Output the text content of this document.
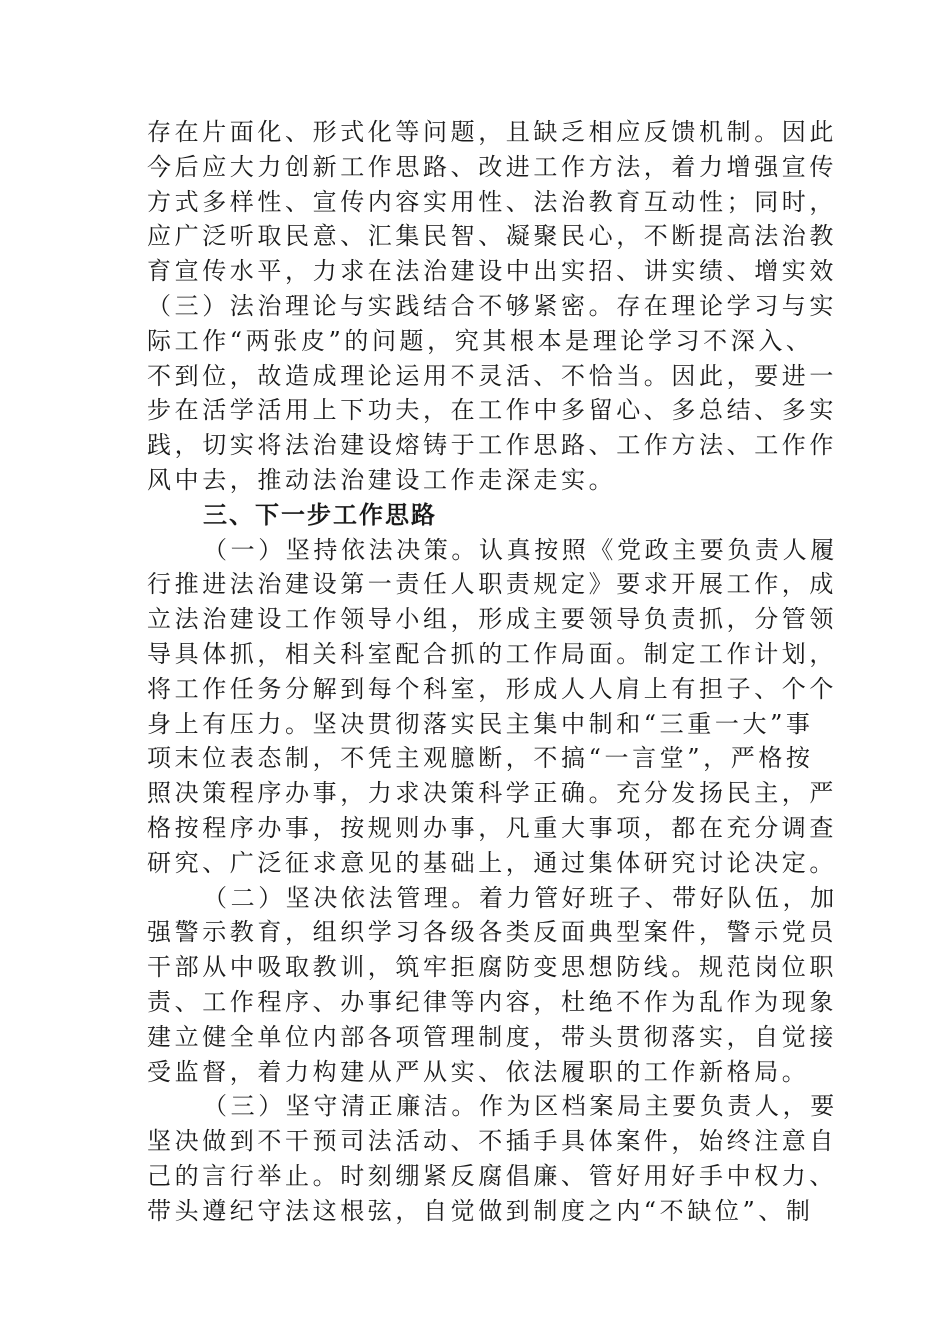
存在片面化、形式化等问题，且缺乏相应反馈机制。因此
今后应大力创新工作思路、改进工作方法，着力增强宣传
方式多样性、宣传内容实用性、法治教育互动性；同时，
应广泛听取民意、汇集民智、凝聚民心，不断提高法治教
育宣传水平，力求在法治建设中出实招、讲实绩、增实效
（三）法治理论与实践结合不够紧密。存在理论学习与实
际工作“两张皮”的问题，究其根本是理论学习不深入、
不到位，故造成理论运用不灵活、不恰当。因此，要进一
步在活学活用上下功夫，在工作中多留心、多总结、多实
践，切实将法治建设熔铸于工作思路、工作方法、工作作
风中去，推动法治建设工作走深走实。
三、下一步工作思路
（一）坚持依法决策。认真按照《党政主要负责人履
行推进法治建设第一责任人职责规定》要求开展工作，成
立法治建设工作领导小组，形成主要领导负责抓，分管领
导具体抓，相关科室配合抓的工作局面。制定工作计划，
将工作任务分解到每个科室，形成人人肩上有担子、个个
身上有压力。坚决贯彻落实民主集中制和“三重一大”事
项末位表态制，不凭主观臆断，不搞“一言堂”，严格按
照决策程序办事，力求决策科学正确。充分发扬民主，严
格按程序办事，按规则办事，凡重大事项，都在充分调查
研究、广泛征求意见的基础上，通过集体研究讨论决定。
（二）坚决依法管理。着力管好班子、带好队伍，加
强警示教育，组织学习各级各类反面典型案件，警示党员
干部从中吸取教训，筑牢拒腐防变思想防线。规范岗位职
责、工作程序、办事纪律等内容，杜绝不作为乱作为现象
建立健全单位内部各项管理制度，带头贯彻落实，自觉接
受监督，着力构建从严从实、依法履职的工作新格局。
（三）坚守清正廉洁。作为区档案局主要负责人，要
坚决做到不干预司法活动、不插手具体案件，始终注意自
己的言行举止。时刻绷紧反腐倡廉、管好用好手中权力、
带头遵纪守法这根弦，自觉做到制度之内“不缺位”、制
